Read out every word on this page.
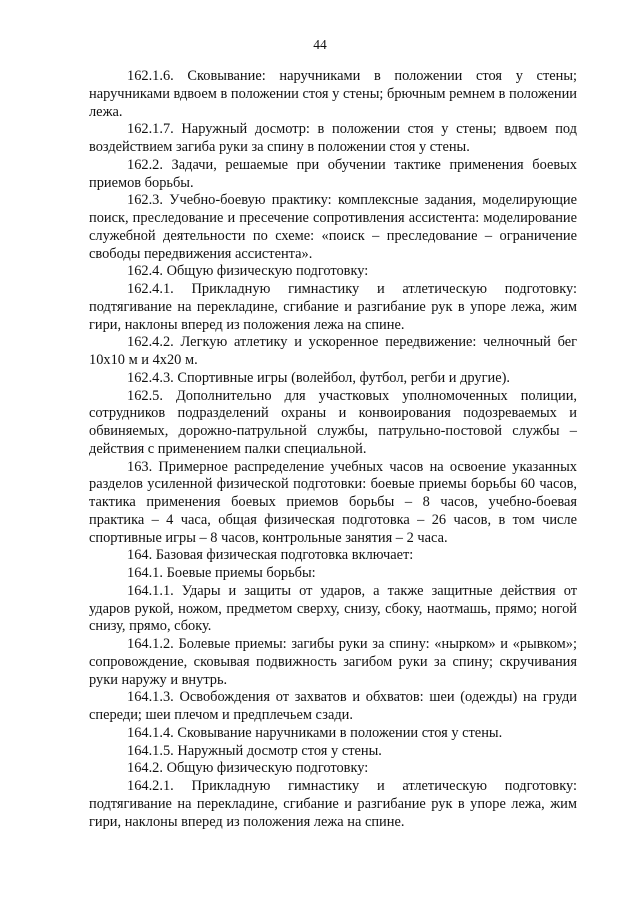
44

162.1.6. Сковывание: наручниками в положении стоя у стены; наручниками вдвоем в положении стоя у стены; брючным ремнем в положении лежа.

162.1.7. Наружный досмотр: в положении стоя у стены; вдвоем под воздействием загиба руки за спину в положении стоя у стены.

162.2. Задачи, решаемые при обучении тактике применения боевых приемов борьбы.

162.3. Учебно-боевую практику: комплексные задания, моделирующие поиск, преследование и пресечение сопротивления ассистента: моделирование служебной деятельности по схеме: «поиск – преследование – ограничение свободы передвижения ассистента».

162.4. Общую физическую подготовку:

162.4.1. Прикладную гимнастику и атлетическую подготовку: подтягивание на перекладине, сгибание и разгибание рук в упоре лежа, жим гири, наклоны вперед из положения лежа на спине.

162.4.2. Легкую атлетику и ускоренное передвижение: челночный бег 10х10 м и 4х20 м.

162.4.3. Спортивные игры (волейбол, футбол, регби и другие).

162.5. Дополнительно для участковых уполномоченных полиции, сотрудников подразделений охраны и конвоирования подозреваемых и обвиняемых, дорожно-патрульной службы, патрульно-постовой службы – действия с применением палки специальной.

163. Примерное распределение учебных часов на освоение указанных разделов усиленной физической подготовки: боевые приемы борьбы 60 часов, тактика применения боевых приемов борьбы – 8 часов, учебно-боевая практика – 4 часа, общая физическая подготовка – 26 часов, в том числе спортивные игры – 8 часов, контрольные занятия – 2 часа.

164. Базовая физическая подготовка включает:

164.1. Боевые приемы борьбы:

164.1.1. Удары и защиты от ударов, а также защитные действия от ударов рукой, ножом, предметом сверху, снизу, сбоку, наотмашь, прямо; ногой снизу, прямо, сбоку.

164.1.2. Болевые приемы: загибы руки за спину: «нырком» и «рывком»; сопровождение, сковывая подвижность загибом руки за спину; скручивания руки наружу и внутрь.

164.1.3. Освобождения от захватов и обхватов: шеи (одежды) на груди спереди; шеи плечом и предплечьем сзади.

164.1.4. Сковывание наручниками в положении стоя у стены.

164.1.5. Наружный досмотр стоя у стены.

164.2. Общую физическую подготовку:

164.2.1. Прикладную гимнастику и атлетическую подготовку: подтягивание на перекладине, сгибание и разгибание рук в упоре лежа, жим гири, наклоны вперед из положения лежа на спине.
